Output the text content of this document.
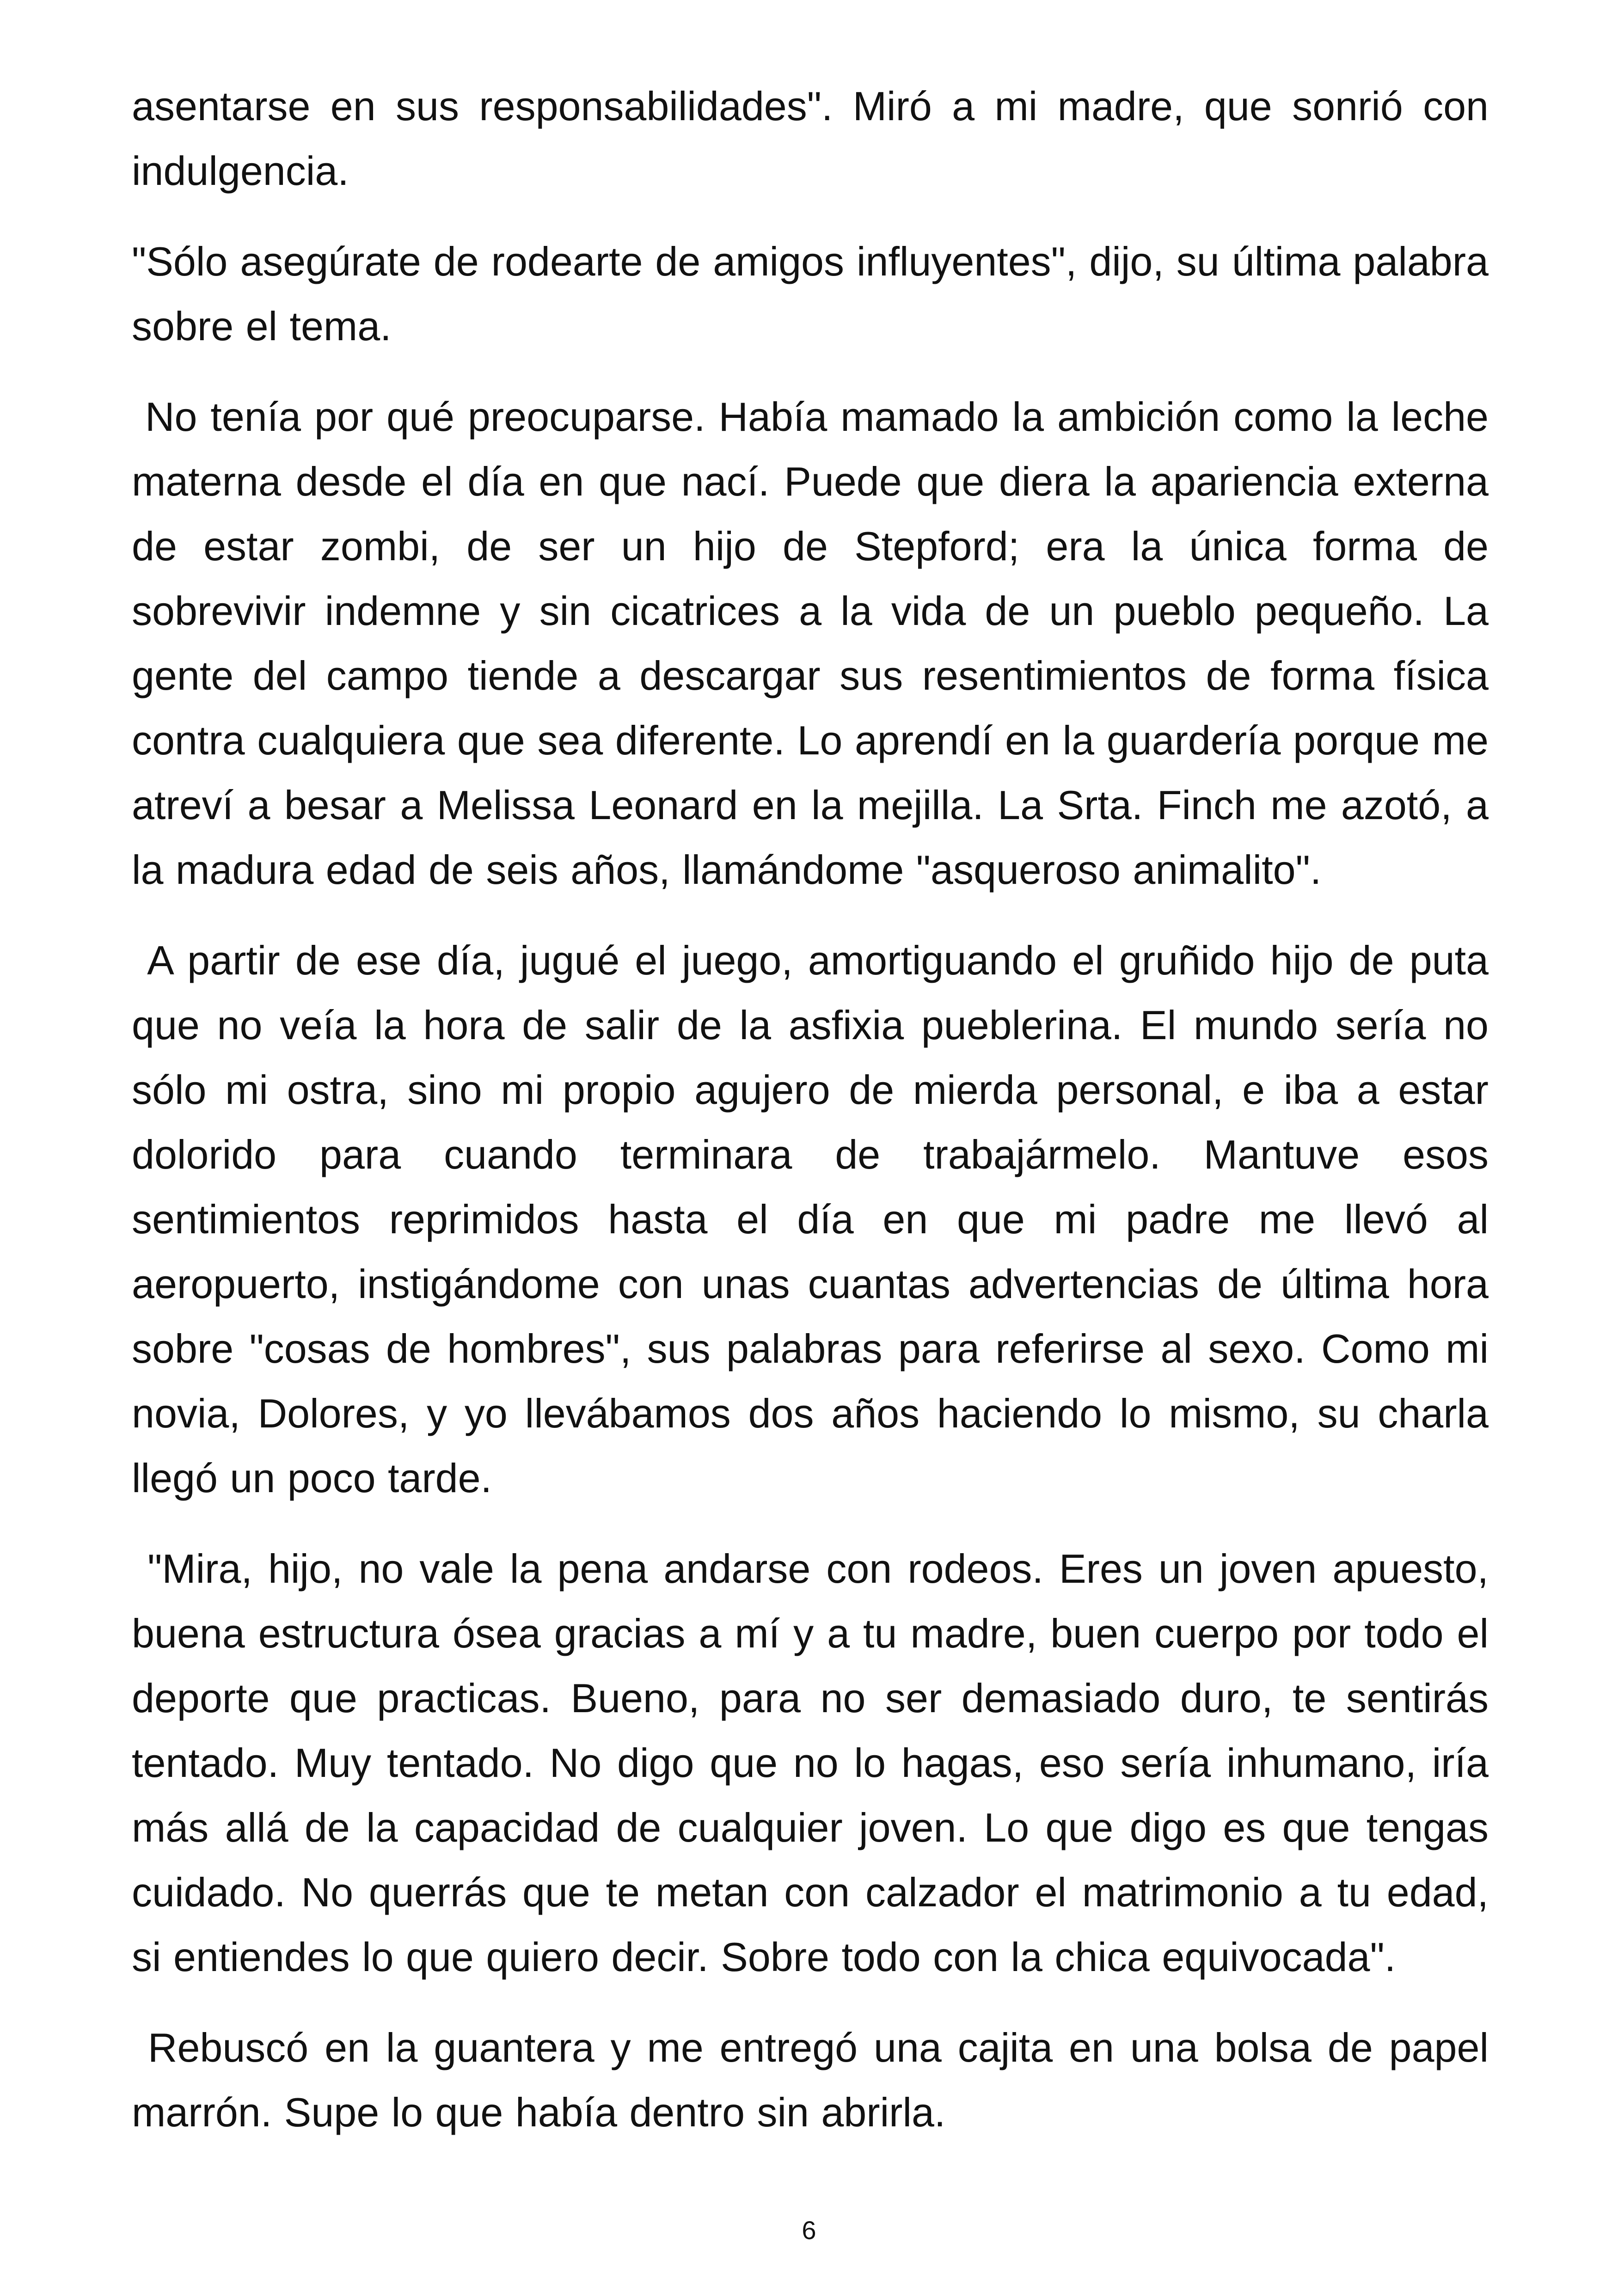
asentarse en sus responsabilidades". Miró a mi madre, que sonrió con indulgencia.

"Sólo asegúrate de rodearte de amigos influyentes", dijo, su última palabra sobre el tema.

No tenía por qué preocuparse. Había mamado la ambición como la leche materna desde el día en que nací. Puede que diera la apariencia externa de estar zombi, de ser un hijo de Stepford; era la única forma de sobrevivir indemne y sin cicatrices a la vida de un pueblo pequeño. La gente del campo tiende a descargar sus resentimientos de forma física contra cualquiera que sea diferente. Lo aprendí en la guardería porque me atreví a besar a Melissa Leonard en la mejilla. La Srta. Finch me azotó, a la madura edad de seis años, llamándome "asqueroso animalito".

A partir de ese día, jugué el juego, amortiguando el gruñido hijo de puta que no veía la hora de salir de la asfixia pueblerina. El mundo sería no sólo mi ostra, sino mi propio agujero de mierda personal, e iba a estar dolorido para cuando terminara de trabajármelo. Mantuve esos sentimientos reprimidos hasta el día en que mi padre me llevó al aeropuerto, instigándome con unas cuantas advertencias de última hora sobre "cosas de hombres", sus palabras para referirse al sexo. Como mi novia, Dolores, y yo llevábamos dos años haciendo lo mismo, su charla llegó un poco tarde.

"Mira, hijo, no vale la pena andarse con rodeos. Eres un joven apuesto, buena estructura ósea gracias a mí y a tu madre, buen cuerpo por todo el deporte que practicas. Bueno, para no ser demasiado duro, te sentirás tentado. Muy tentado. No digo que no lo hagas, eso sería inhumano, iría más allá de la capacidad de cualquier joven. Lo que digo es que tengas cuidado. No querrás que te metan con calzador el matrimonio a tu edad, si entiendes lo que quiero decir. Sobre todo con la chica equivocada".

Rebuscó en la guantera y me entregó una cajita en una bolsa de papel marrón. Supe lo que había dentro sin abrirla.

6
